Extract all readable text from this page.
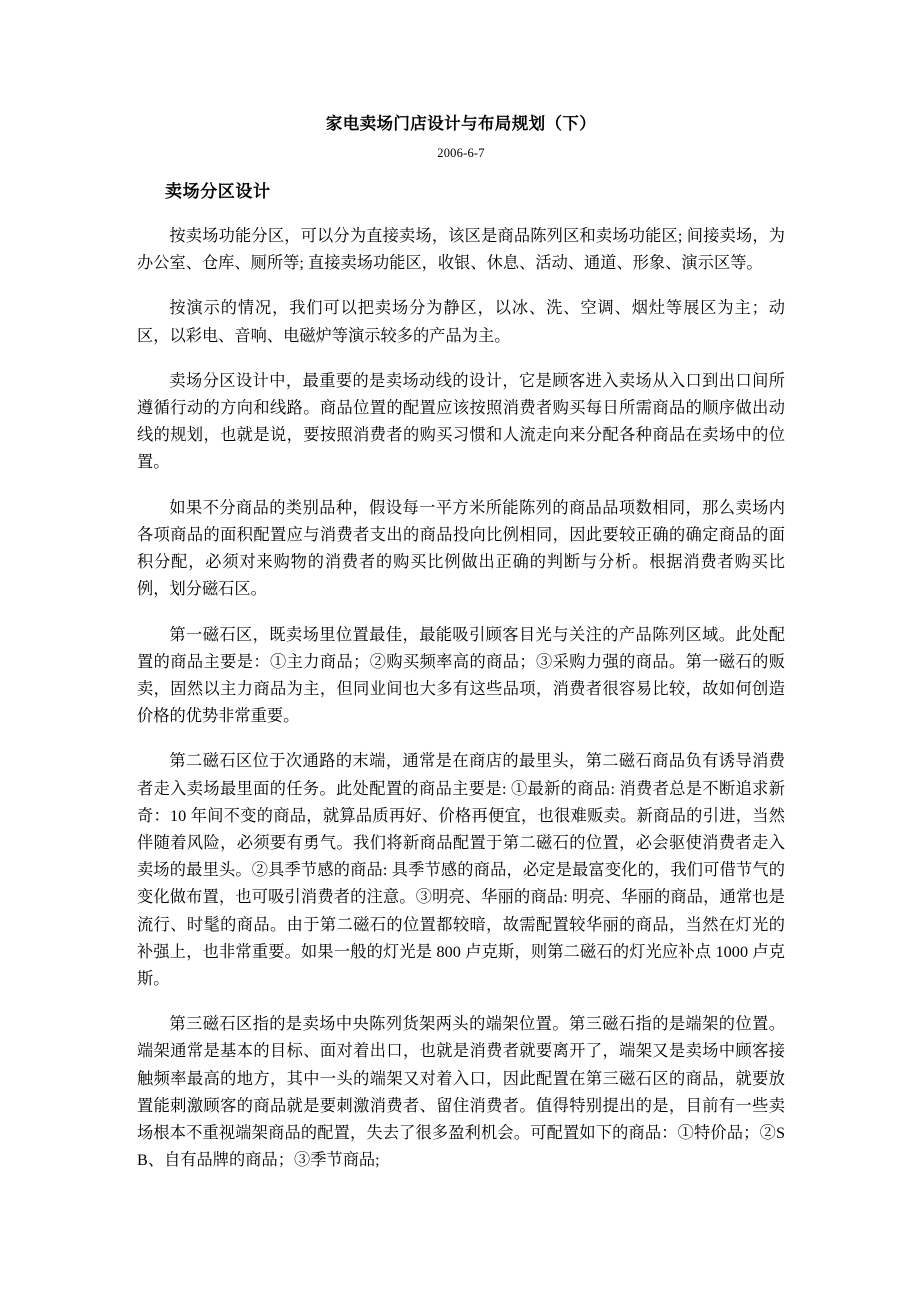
家电卖场门店设计与布局规划（下）
2006-6-7
卖场分区设计

按卖场功能分区，可以分为直接卖场，该区是商品陈列区和卖场功能区; 间接卖场，为办公室、仓库、厕所等; 直接卖场功能区，收银、休息、活动、通道、形象、演示区等。

按演示的情况，我们可以把卖场分为静区，以冰、洗、空调、烟灶等展区为主；动区，以彩电、音响、电磁炉等演示较多的产品为主。

卖场分区设计中，最重要的是卖场动线的设计，它是顾客进入卖场从入口到出口间所遵循行动的方向和线路。商品位置的配置应该按照消费者购买每日所需商品的顺序做出动线的规划，也就是说，要按照消费者的购买习惯和人流走向来分配各种商品在卖场中的位置。

如果不分商品的类别品种，假设每一平方米所能陈列的商品品项数相同，那么卖场内各项商品的面积配置应与消费者支出的商品投向比例相同，因此要较正确的确定商品的面积分配，必须对来购物的消费者的购买比例做出正确的判断与分析。根据消费者购买比例，划分磁石区。

第一磁石区，既卖场里位置最佳，最能吸引顾客目光与关注的产品陈列区域。此处配置的商品主要是：①主力商品；②购买频率高的商品；③采购力强的商品。第一磁石的贩卖，固然以主力商品为主，但同业间也大多有这些品项，消费者很容易比较，故如何创造价格的优势非常重要。

第二磁石区位于次通路的末端，通常是在商店的最里头，第二磁石商品负有诱导消费者走入卖场最里面的任务。此处配置的商品主要是: ①最新的商品: 消费者总是不断追求新奇：10 年间不变的商品，就算品质再好、价格再便宜，也很难贩卖。新商品的引进，当然伴随着风险，必须要有勇气。我们将新商品配置于第二磁石的位置，必会驱使消费者走入卖场的最里头。②具季节感的商品: 具季节感的商品，必定是最富变化的，我们可借节气的变化做布置，也可吸引消费者的注意。③明亮、华丽的商品: 明亮、华丽的商品，通常也是流行、时髦的商品。由于第二磁石的位置都较暗，故需配置较华丽的商品，当然在灯光的补强上，也非常重要。如果一般的灯光是 800 卢克斯，则第二磁石的灯光应补点 1000 卢克斯。

第三磁石区指的是卖场中央陈列货架两头的端架位置。第三磁石指的是端架的位置。端架通常是基本的目标、面对着出口，也就是消费者就要离开了，端架又是卖场中顾客接触频率最高的地方，其中一头的端架又对着入口，因此配置在第三磁石区的商品，就要放置能刺激顾客的商品就是要刺激消费者、留住消费者。值得特别提出的是，目前有一些卖场根本不重视端架商品的配置，失去了很多盈利机会。可配置如下的商品：①特价品；②SB、自有品牌的商品；③季节商品;
